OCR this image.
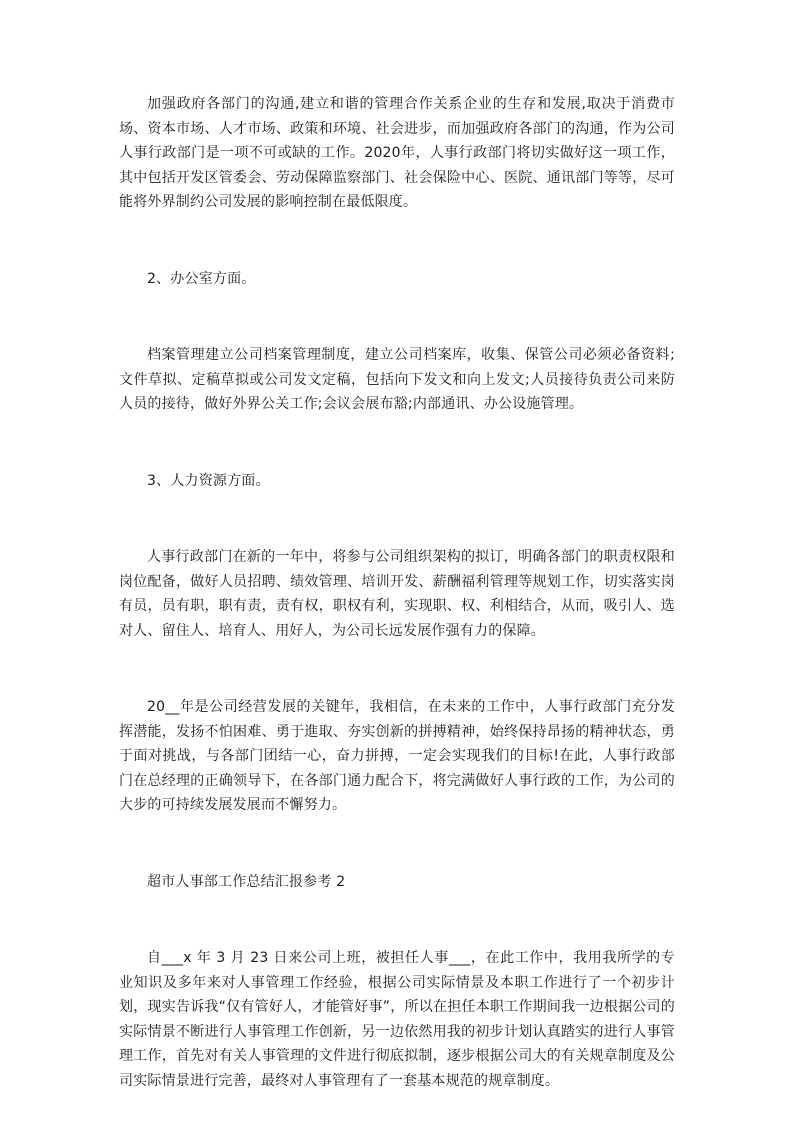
加强政府各部门的沟通,建立和谐的管理合作关系企业的生存和发展,取决于消费市场、资本市场、人才市场、政策和环境、社会进步，而加强政府各部门的沟通，作为公司人事行政部门是一项不可或缺的工作。2020年，人事行政部门将切实做好这一项工作，其中包括开发区管委会、劳动保障监察部门、社会保险中心、医院、通讯部门等等，尽可能将外界制约公司发展的影响控制在最低限度。

2、办公室方面。

档案管理建立公司档案管理制度，建立公司档案库，收集、保管公司必须必备资料;文件草拟、定稿草拟或公司发文定稿，包括向下发文和向上发文;人员接待负责公司来防人员的接待，做好外界公关工作;会议会展布豁;内部通讯、办公设施管理。

3、人力资源方面。

人事行政部门在新的一年中，将参与公司组织架构的拟订，明确各部门的职责权限和岗位配备，做好人员招聘、绩效管理、培训开发、薪酬福利管理等规划工作，切实落实岗有员，员有职，职有责，责有权，职权有利，实现职、权、利相结合，从而，吸引人、选对人、留住人、培育人、用好人，为公司长远发展作强有力的保障。

20__年是公司经营发展的关键年，我相信，在未来的工作中，人事行政部门充分发挥潜能，发扬不怕困难、勇于進取、夯实创新的拼搏精神，始终保持昂扬的精神状态，勇于面对挑战，与各部门团结一心，奋力拼搏，一定会实现我们的目标!在此，人事行政部门在总经理的正确领导下，在各部门通力配合下，将完满做好人事行政的工作，为公司的大步的可持续发展发展而不懈努力。

超市人事部工作总结汇报参考 2

自___x 年 3 月 23 日来公司上班，被担任人事___，在此工作中，我用我所学的专业知识及多年来对人事管理工作经验，根据公司实际情景及本职工作进行了一个初步计划，现实告诉我“仅有管好人，才能管好事”，所以在担任本职工作期间我一边根据公司的实际情景不断进行人事管理工作创新，另一边依然用我的初步计划认真踏实的进行人事管理工作，首先对有关人事管理的文件进行彻底拟制，逐步根据公司大的有关规章制度及公司实际情景进行完善，最终对人事管理有了一套基本规范的规章制度。
